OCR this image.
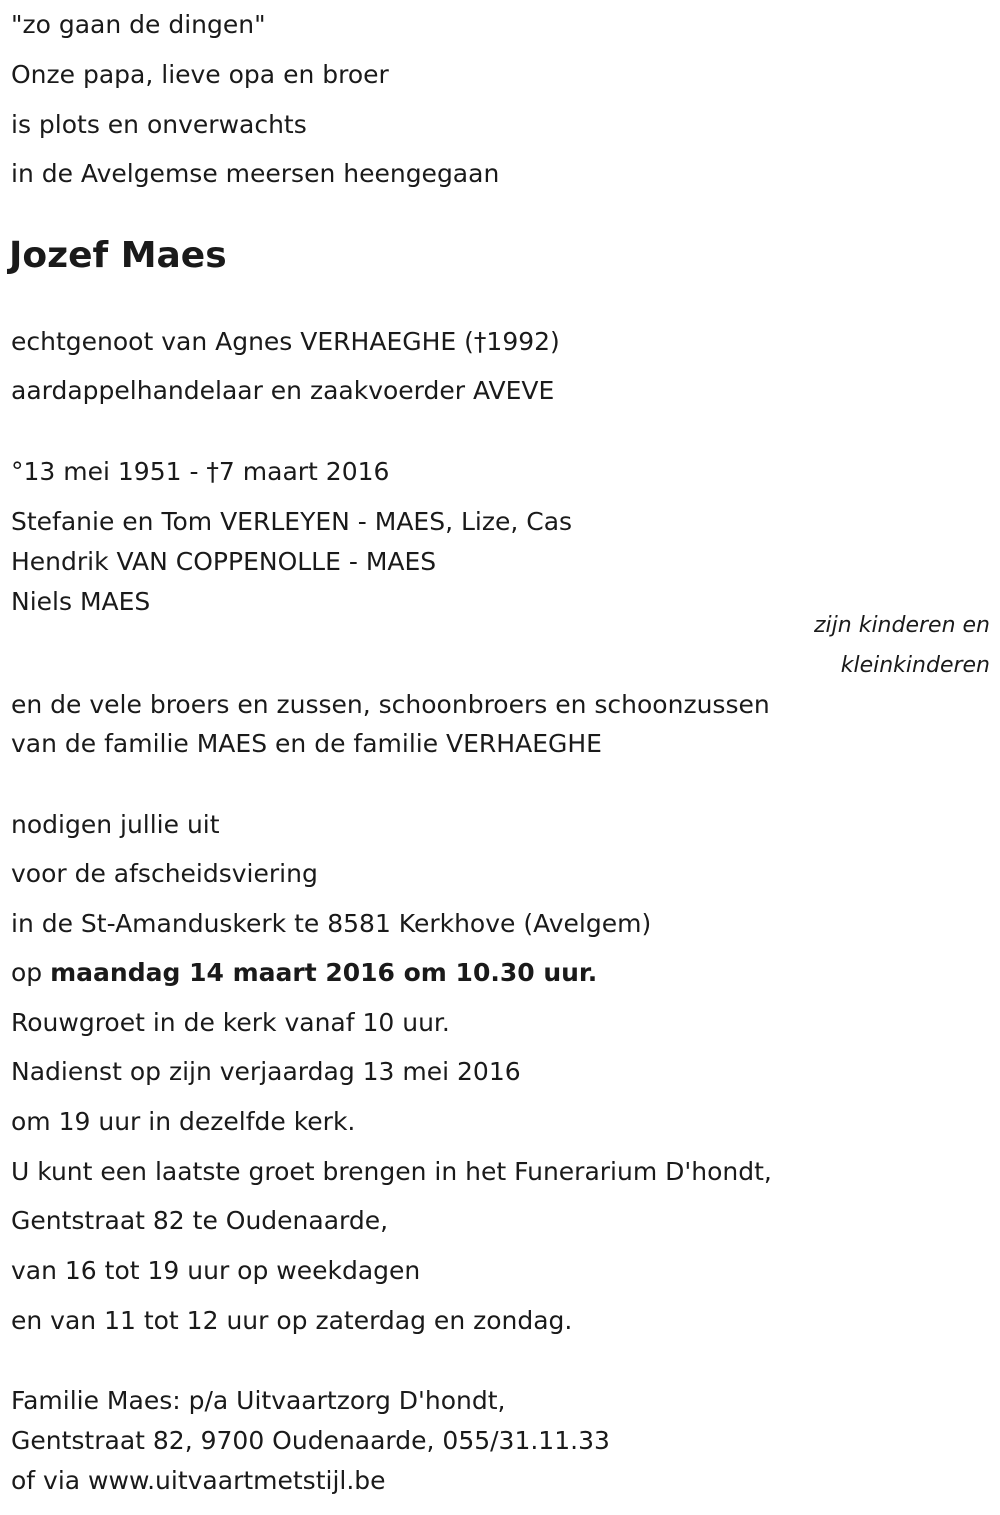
"zo gaan de dingen"
Onze papa, lieve opa en broer
is plots en onverwachts
in de Avelgemse meersen heengegaan
Jozef Maes
echtgenoot van Agnes VERHAEGHE (†1992)
aardappelhandelaar en zaakvoerder AVEVE
°13 mei 1951 - †7 maart 2016
Stefanie en Tom VERLEYEN - MAES, Lize, Cas
Hendrik VAN COPPENOLLE - MAES
Niels MAES
zijn kinderen en
kleinkinderen
en de vele broers en zussen, schoonbroers en schoonzussen
van de familie MAES en de familie VERHAEGHE
nodigen jullie uit
voor de afscheidsviering
in de St-Amanduskerk te 8581 Kerkhove (Avelgem)
op maandag 14 maart 2016 om 10.30 uur.
Rouwgroet in de kerk vanaf 10 uur.
Nadienst op zijn verjaardag 13 mei 2016
om 19 uur in dezelfde kerk.
U kunt een laatste groet brengen in het Funerarium D'hondt,
Gentstraat 82 te Oudenaarde,
van 16 tot 19 uur op weekdagen
en van 11 tot 12 uur op zaterdag en zondag.
Familie Maes: p/a Uitvaartzorg D'hondt,
Gentstraat 82, 9700 Oudenaarde, 055/31.11.33
of via www.uitvaartmetstijl.be
